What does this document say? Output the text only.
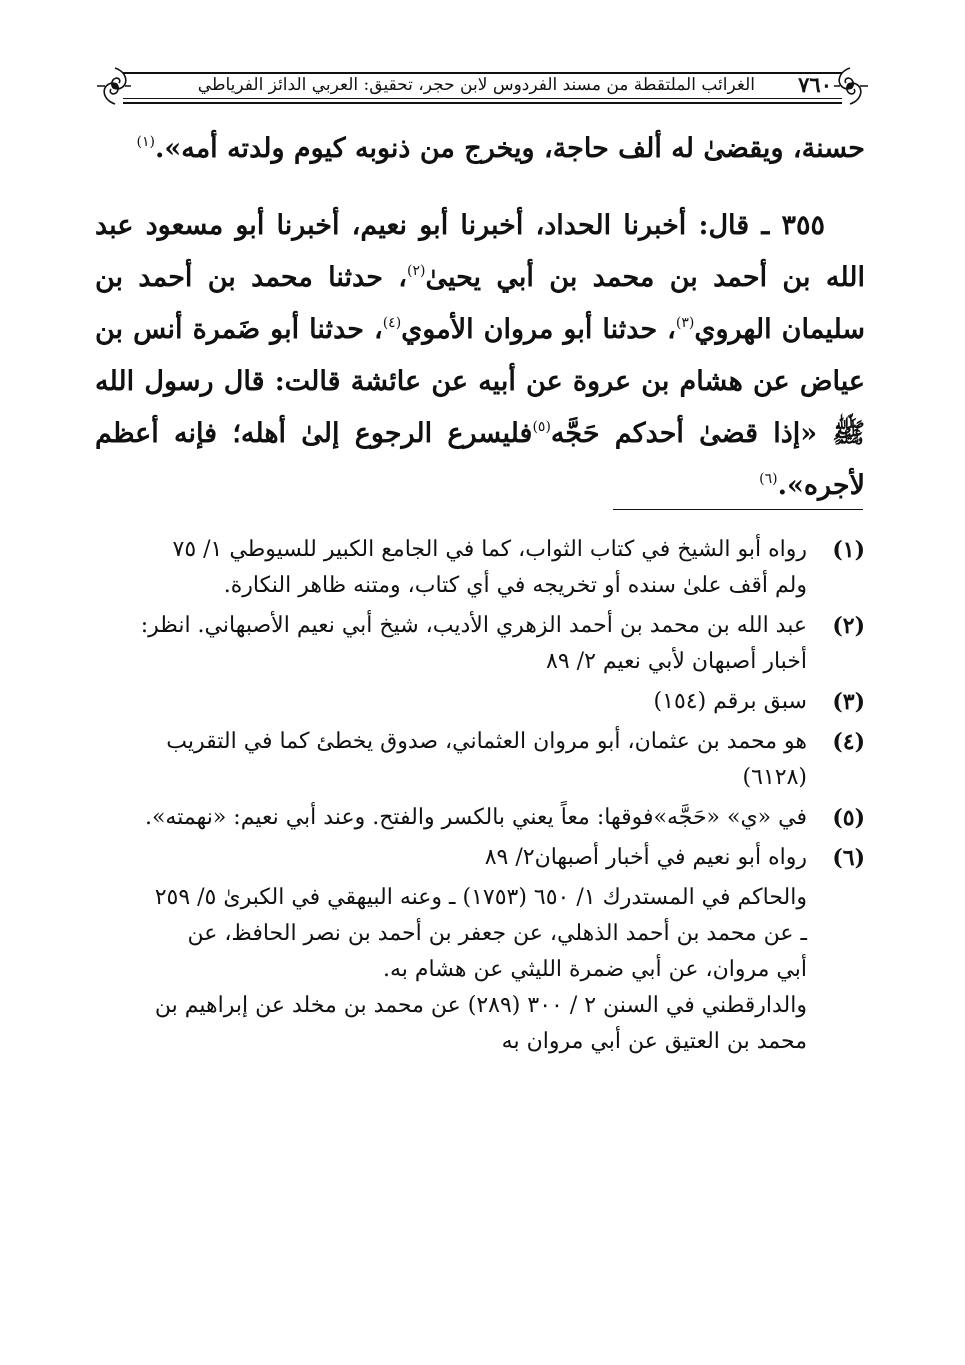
٧٦٠
الغرائب الملتقطة من مسند الفردوس لابن حجر، تحقيق: العربي الدائز الفرياطي

حسنة، ويقضىٰ له ألف حاجة، ويخرج من ذنوبه كيوم ولدته أمه».$^{(١)}$

٣٥٥ ـ قال: أخبرنا الحداد، أخبرنا أبو نعيم، أخبرنا أبو مسعود عبد الله بن أحمد بن محمد بن أبي يحيىٰ$^{(٢)}$، حدثنا محمد بن أحمد بن سليمان الهروي$^{(٣)}$، حدثنا أبو مروان الأموي$^{(٤)}$، حدثنا أبو ضَمرة أنس بن عياض عن هشام بن عروة عن أبيه عن عائشة قالت: قال رسول الله ﷺ «إذا قضىٰ أحدكم حَجَّه$^{(٥)}$فليسرع الرجوع إلىٰ أهله؛ فإنه أعظم لأجره».$^{(٦)}$

(١)
رواه أبو الشيخ في كتاب الثواب، كما في الجامع الكبير للسيوطي ١/ ٧٥
ولم أقف علىٰ سنده أو تخريجه في أي كتاب، ومتنه ظاهر النكارة.
(٢)
عبد الله بن محمد بن أحمد الزهري الأديب، شيخ أبي نعيم الأصبهاني. انظر:
أخبار أصبهان لأبي نعيم ٢/ ٨٩
(٣)
سبق برقم (١٥٤)
(٤)
هو محمد بن عثمان، أبو مروان العثماني، صدوق يخطئ كما في التقريب
(٦١٢٨)
(٥)
في «ي» «حَجَّه»فوقها: معاً يعني بالكسر والفتح. وعند أبي نعيم: «نهمته».
(٦)
رواه أبو نعيم في أخبار أصبهان٢/ ٨٩
والحاكم في المستدرك ١/ ٦٥٠ (١٧٥٣) ـ وعنه البيهقي في الكبرىٰ ٥/ ٢٥٩
ـ عن محمد بن أحمد الذهلي، عن جعفر بن أحمد بن نصر الحافظ، عن
أبي مروان، عن أبي ضمرة الليثي عن هشام به.
والدارقطني في السنن ٢ / ٣٠٠ (٢٨٩) عن محمد بن مخلد عن إبراهيم بن
محمد بن العتيق عن أبي مروان به
